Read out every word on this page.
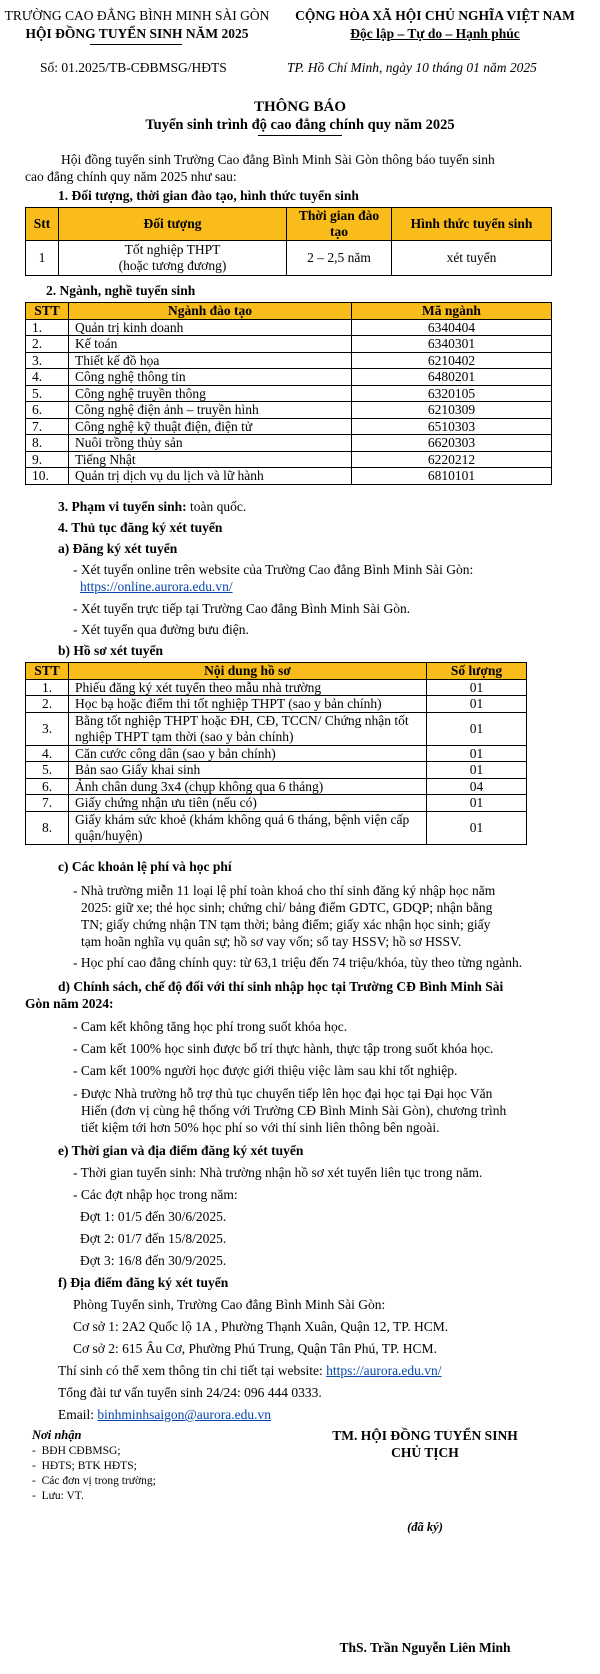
TRƯỜNG CAO ĐẲNG BÌNH MINH SÀI GÒN
HỘI ĐỒNG TUYỂN SINH NĂM 2025
CỘNG HÒA XÃ HỘI CHỦ NGHĨA VIỆT NAM
Độc lập – Tự do – Hạnh phúc
Số: 01.2025/TB-CĐBMSG/HĐTS	TP. Hồ Chí Minh, ngày 10 tháng 01 năm 2025
THÔNG BÁO
Tuyển sinh trình độ cao đẳng chính quy năm 2025
Hội đồng tuyển sinh Trường Cao đẳng Bình Minh Sài Gòn thông báo tuyển sinh
cao đẳng chính quy năm 2025 như sau:
1. Đối tượng, thời gian đào tạo, hình thức tuyển sinh
Stt	Đối tượng	Thời gian đào tạo	Hình thức tuyển sinh
1	Tốt nghiệp THPT
(hoặc tương đương)	2 – 2,5 năm	xét tuyển
2. Ngành, nghề tuyển sinh
STT	Ngành đào tạo	Mã ngành
1.	Quản trị kinh doanh	6340404
2.	Kế toán	6340301
3.	Thiết kế đồ họa	6210402
4.	Công nghệ thông tin	6480201
5.	Công nghệ truyền thông	6320105
6.	Công nghệ điện ảnh – truyền hình	6210309
7.	Công nghệ kỹ thuật điện, điện tử	6510303
8.	Nuôi trồng thủy sản	6620303
9.	Tiếng Nhật	6220212
10.	Quản trị dịch vụ du lịch và lữ hành	6810101
3. Phạm vi tuyển sinh: toàn quốc.
4. Thủ tục đăng ký xét tuyển
a) Đăng ký xét tuyển
- Xét tuyển online trên website của Trường Cao đẳng Bình Minh Sài Gòn:
https://online.aurora.edu.vn/
- Xét tuyển trực tiếp tại Trường Cao đẳng Bình Minh Sài Gòn.
- Xét tuyển qua đường bưu điện.
b) Hồ sơ xét tuyển
STT	Nội dung hồ sơ	Số lượng
1.	Phiếu đăng ký xét tuyển theo mẫu nhà trường	01
2.	Học bạ hoặc điểm thi tốt nghiệp THPT (sao y bản chính)	01
3.	Bằng tốt nghiệp THPT hoặc ĐH, CĐ, TCCN/ Chứng nhận tốt
nghiệp THPT tạm thời (sao y bản chính)	01
4.	Căn cước công dân (sao y bản chính)	01
5.	Bản sao Giấy khai sinh	01
6.	Ảnh chân dung 3x4 (chụp không qua 6 tháng)	04
7.	Giấy chứng nhận ưu tiên (nếu có)	01
8.	Giấy khám sức khoẻ (khám không quá 6 tháng, bệnh viện cấp
quận/huyện)	01
c) Các khoản lệ phí và học phí
- Nhà trường miễn 11 loại lệ phí toàn khoá cho thí sinh đăng ký nhập học năm
2025: giữ xe; thẻ học sinh; chứng chỉ/ bảng điểm GDTC, GDQP; nhận bằng
TN; giấy chứng nhận TN tạm thời; bảng điểm; giấy xác nhận học sinh; giấy
tạm hoãn nghĩa vụ quân sự; hồ sơ vay vốn; sổ tay HSSV; hồ sơ HSSV.
- Học phí cao đẳng chính quy: từ 63,1 triệu đến 74 triệu/khóa, tùy theo từng ngành.
d) Chính sách, chế độ đối với thí sinh nhập học tại Trường CĐ Bình Minh Sài
Gòn năm 2024:
- Cam kết không tăng học phí trong suốt khóa học.
- Cam kết 100% học sinh được bố trí thực hành, thực tập trong suốt khóa học.
- Cam kết 100% người học được giới thiệu việc làm sau khi tốt nghiệp.
- Được Nhà trường hỗ trợ thủ tục chuyển tiếp lên học đại học tại Đại học Văn
Hiến (đơn vị cùng hệ thống với Trường CĐ Bình Minh Sài Gòn), chương trình
tiết kiệm tới hơn 50% học phí so với thí sinh liên thông bên ngoài.
e) Thời gian và địa điểm đăng ký xét tuyển
- Thời gian tuyển sinh: Nhà trường nhận hồ sơ xét tuyển liên tục trong năm.
- Các đợt nhập học trong năm:
Đợt 1: 01/5 đến 30/6/2025.
Đợt 2: 01/7 đến 15/8/2025.
Đợt 3: 16/8 đến 30/9/2025.
f) Địa điểm đăng ký xét tuyển
Phòng Tuyển sinh, Trường Cao đẳng Bình Minh Sài Gòn:
Cơ sở 1: 2A2 Quốc lộ 1A , Phường Thạnh Xuân, Quận 12, TP. HCM.
Cơ sở 2: 615 Âu Cơ, Phường Phú Trung, Quận Tân Phú, TP. HCM.
Thí sinh có thể xem thông tin chi tiết tại website: https://aurora.edu.vn/
Tổng đài tư vấn tuyển sinh 24/24: 096 444 0333.
Email: binhminhsaigon@aurora.edu.vn
Nơi nhận
-  BĐH CĐBMSG;
-  HĐTS; BTK HĐTS;
-  Các đơn vị trong trường;
-  Lưu: VT.
TM. HỘI ĐỒNG TUYỂN SINH
CHỦ TỊCH
(đã ký)
ThS. Trần Nguyễn Liên Minh
